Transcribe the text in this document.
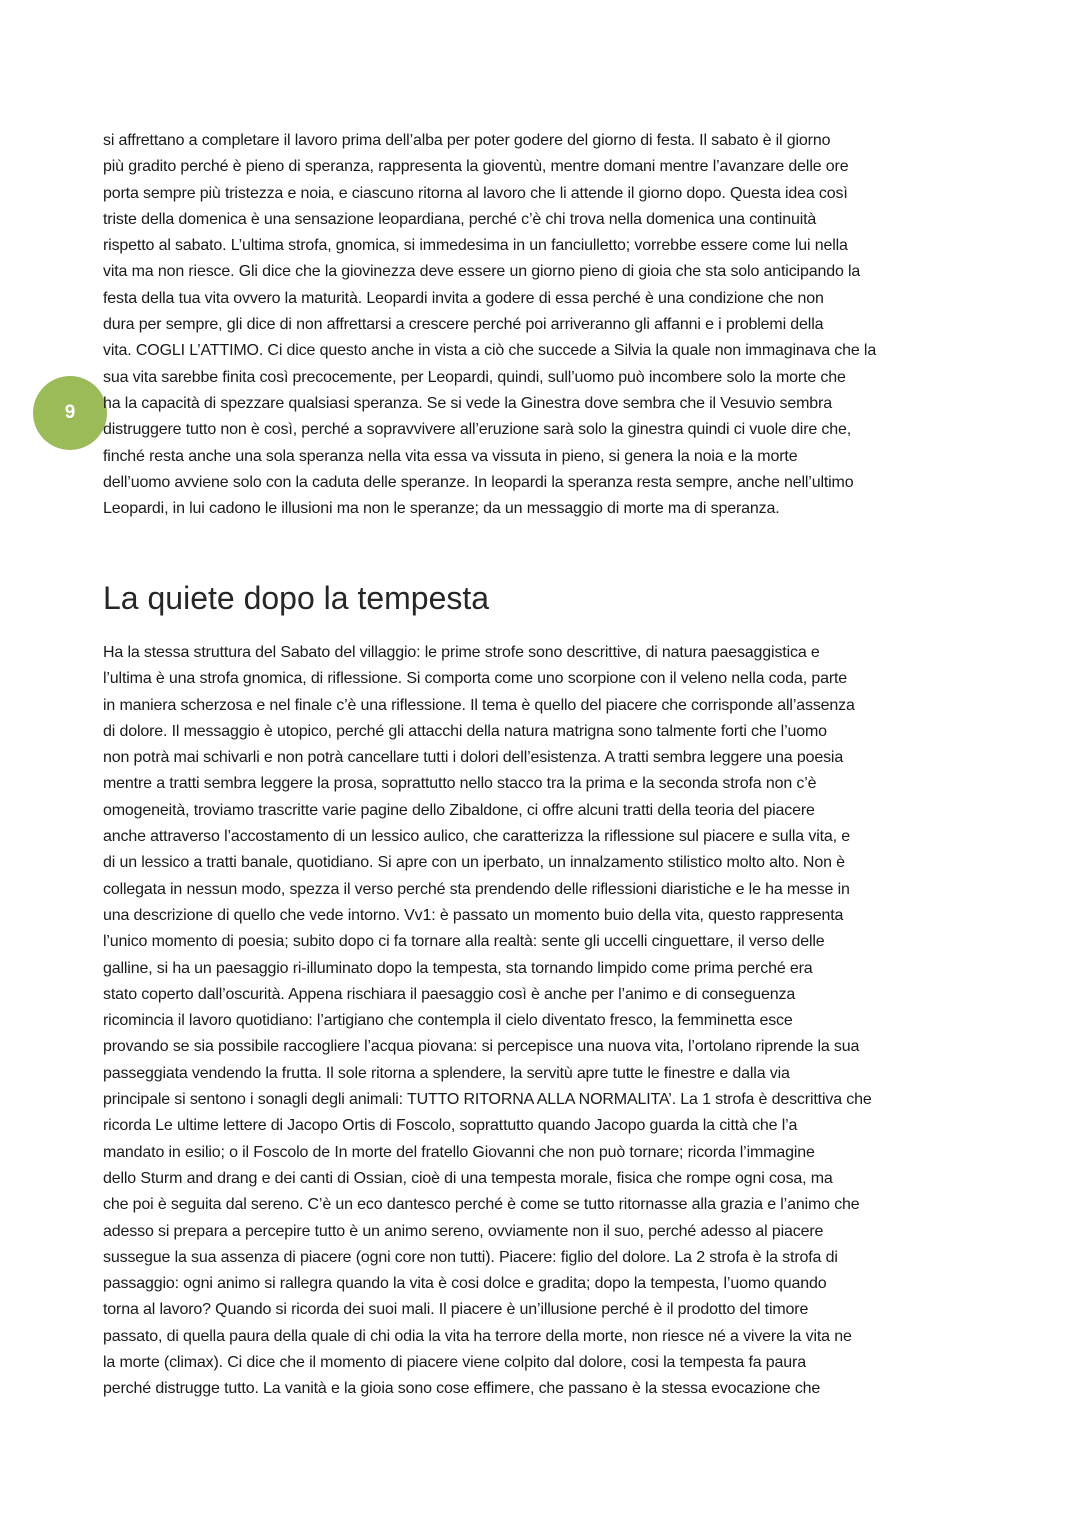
9
si affrettano a completare il lavoro prima dell’alba per poter godere del giorno di festa. Il sabato è il giorno
più gradito perché è pieno di speranza, rappresenta la gioventù, mentre domani mentre l’avanzare delle ore
porta sempre più tristezza e noia, e ciascuno ritorna al lavoro che li attende il giorno dopo. Questa idea così
triste della domenica è una sensazione leopardiana, perché c’è chi trova nella domenica una continuità
rispetto al sabato. L’ultima strofa, gnomica, si immedesima in un fanciulletto; vorrebbe essere come lui nella
vita ma non riesce. Gli dice che la giovinezza deve essere un giorno pieno di gioia che sta solo anticipando la
festa della tua vita ovvero la maturità. Leopardi invita a godere di essa perché è una condizione che non
dura per sempre, gli dice di non affrettarsi a crescere perché poi arriveranno gli affanni e i problemi della
vita. COGLI L’ATTIMO. Ci dice questo anche in vista a ciò che succede a Silvia la quale non immaginava che la
sua vita sarebbe finita così precocemente, per Leopardi, quindi, sull’uomo può incombere solo la morte che
ha la capacità di spezzare qualsiasi speranza. Se si vede la Ginestra dove sembra che il Vesuvio sembra
distruggere tutto non è così, perché a sopravvivere all’eruzione sarà solo la ginestra quindi ci vuole dire che,
finché resta anche una sola speranza nella vita essa va vissuta in pieno, si genera la noia e la morte
dell’uomo avviene solo con la caduta delle speranze. In leopardi la speranza resta sempre, anche nell’ultimo
Leopardi, in lui cadono le illusioni ma non le speranze; da un messaggio di morte ma di speranza.
La quiete dopo la tempesta
Ha la stessa struttura del Sabato del villaggio: le prime strofe sono descrittive, di natura paesaggistica e
l’ultima è una strofa gnomica, di riflessione. Si comporta come uno scorpione con il veleno nella coda, parte
in maniera scherzosa e nel finale c’è una riflessione. Il tema è quello del piacere che corrisponde all’assenza
di dolore. Il messaggio è utopico, perché gli attacchi della natura matrigna sono talmente forti che l’uomo
non potrà mai schivarli e non potrà cancellare tutti i dolori dell’esistenza. A tratti sembra leggere una poesia
mentre a tratti sembra leggere la prosa, soprattutto nello stacco tra la prima e la seconda strofa non c’è
omogeneità, troviamo trascritte varie pagine dello Zibaldone, ci offre alcuni tratti della teoria del piacere
anche attraverso l’accostamento di un lessico aulico, che caratterizza la riflessione sul piacere e sulla vita, e
di un lessico a tratti banale, quotidiano. Si apre con un iperbato, un innalzamento stilistico molto alto. Non è
collegata in nessun modo, spezza il verso perché sta prendendo delle riflessioni diaristiche e le ha messe in
una descrizione di quello che vede intorno. Vv1: è passato un momento buio della vita, questo rappresenta
l’unico momento di poesia; subito dopo ci fa tornare alla realtà: sente gli uccelli cinguettare, il verso delle
galline, si ha un paesaggio ri-illuminato dopo la tempesta, sta tornando limpido come prima perché era
stato coperto dall’oscurità. Appena rischiara il paesaggio così è anche per l’animo e di conseguenza
ricomincia il lavoro quotidiano: l’artigiano che contempla il cielo diventato fresco, la femminetta esce
provando se sia possibile raccogliere l’acqua piovana: si percepisce una nuova vita, l’ortolano riprende la sua
passeggiata vendendo la frutta. Il sole ritorna a splendere, la servitù apre tutte le finestre e dalla via
principale si sentono i sonagli degli animali: TUTTO RITORNA ALLA NORMALITA’. La 1 strofa è descrittiva che
ricorda Le ultime lettere di Jacopo Ortis di Foscolo, soprattutto quando Jacopo guarda la città che l’a
mandato in esilio; o il Foscolo de In morte del fratello Giovanni che non può tornare; ricorda l’immagine
dello Sturm and drang e dei canti di Ossian, cioè di una tempesta morale, fisica che rompe ogni cosa, ma
che poi è seguita dal sereno. C’è un eco dantesco perché è come se tutto ritornasse alla grazia e l’animo che
adesso si prepara a percepire tutto è un animo sereno, ovviamente non il suo, perché adesso al piacere
sussegue la sua assenza di piacere (ogni core non tutti). Piacere: figlio del dolore. La 2 strofa è la strofa di
passaggio: ogni animo si rallegra quando la vita è cosi dolce e gradita; dopo la tempesta, l’uomo quando
torna al lavoro? Quando si ricorda dei suoi mali. Il piacere è un’illusione perché è il prodotto del timore
passato, di quella paura della quale di chi odia la vita ha terrore della morte, non riesce né a vivere la vita ne
la morte (climax). Ci dice che il momento di piacere viene colpito dal dolore, cosi la tempesta fa paura
perché distrugge tutto. La vanità e la gioia sono cose effimere, che passano è la stessa evocazione che
